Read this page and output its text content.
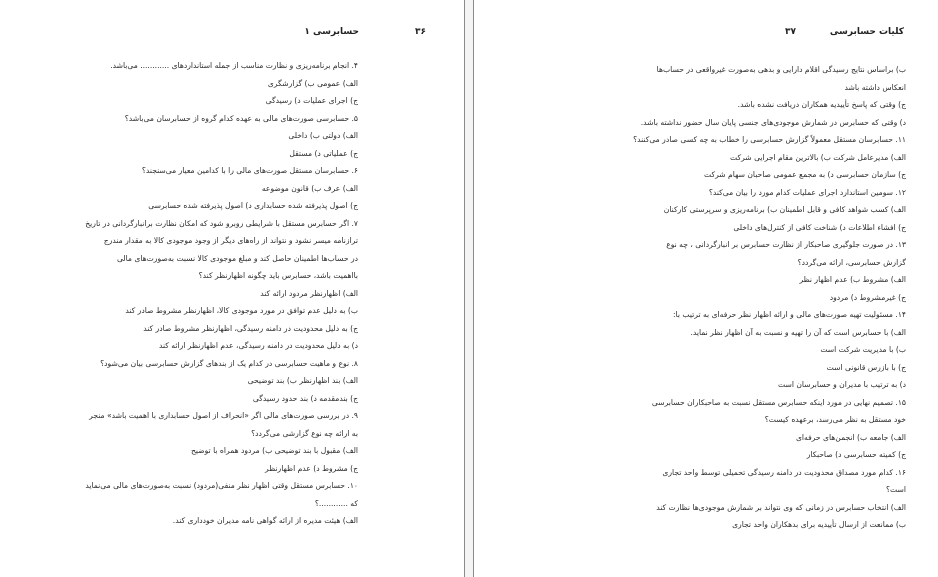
حسابرسی ۱	۳۶
۴. انجام برنامه‌ریزی و نظارت مناسب از جمله استانداردهای ............ می‌باشد.
الف) عمومی ب) گزارشگری
ج) اجرای عملیات د) رسیدگی
۵. حسابرسی صورت‌های مالی به عهده کدام گروه از حسابرسان می‌باشد؟
الف) دولتی ب) داخلی
ج) عملیاتی د) مستقل
۶. حسابرسان مستقل صورت‌های مالی را با کدامین معیار می‌سنجند؟
الف) عرف ب) قانون موضوعه
ج) اصول پذیرفته شده حسابداری د) اصول پذیرفته شده حسابرسی
۷. اگر حسابرس مستقل با شرایطی روبرو شود که امکان نظارت برانبارگردانی در تاریخ
ترازنامه میسر نشود و نتواند از راه‌های دیگر از وجود موجودی کالا به مقدار مندرج
در حساب‌ها اطمینان حاصل کند و مبلغ موجودی کالا نسبت به‌صورت‌های مالی
بااهمیت باشد، حسابرس باید چگونه اظهارنظر کند؟
الف) اظهارنظر مردود ارائه کند
ب) به دلیل عدم توافق در مورد موجودی کالا، اظهارنظر مشروط صادر کند
ج) به دلیل محدودیت در دامنه رسیدگی، اظهارنظر مشروط صادر کند
د) به دلیل محدودیت در دامنه رسیدگی، عدم اظهارنظر ارائه کند
۸. نوع و ماهیت حسابرسی در کدام یک از بندهای گزارش حسابرسی بیان می‌شود؟
الف) بند اظهارنظر ب) بند توضیحی
ج) بندمقدمه د) بند حدود رسیدگی
۹. در بررسی صورت‌های مالی اگر «انحراف از اصول حسابداری با اهمیت باشد» منجر
به ارائه چه نوع گزارشی می‌گردد؟
الف) مقبول با بند توضیحی ب) مردود همراه با توضیح
ج) مشروط د) عدم اظهارنظر
۱۰. حسابرس مستقل وقتی اظهار نظر منفی(مردود) نسبت به‌صورت‌های مالی می‌نماید
که ............؟
الف) هیئت مدیره از ارائه گواهی نامه مدیران خودداری کند.
کلیات حسابرسی
۳۷
ب) براساس نتایج رسیدگی اقلام دارایی و بدهی به‌صورت غیرواقعی در حساب‌ها
انعکاس داشته باشد
ج) وقتی که پاسخ تأییدیه همکاران دریافت نشده باشد.
د) وقتی که حسابرس در شمارش موجودی‌های جنسی پایان سال حضور نداشته باشد.
۱۱. حسابرسان مستقل معمولاً گزارش حسابرسی را خطاب به چه کسی صادر می‌کنند؟
الف) مدیرعامل شرکت ب) بالاترین مقام اجرایی شرکت
ج) سازمان حسابرسی د) به مجمع عمومی صاحبان سهام شرکت
۱۲. سومین استاندارد اجرای عملیات کدام مورد را بیان می‌کند؟
الف) کسب شواهد کافی و قابل اطمینان ب) برنامه‌ریزی و سرپرستی کارکنان
ج) افشاء اطلاعات د) شناخت کافی از کنترل‌های داخلی
۱۳. در صورت جلوگیری صاحبکار از نظارت حسابرس بر انبارگردانی ، چه نوع
گزارش حسابرسی، ارائه می‌گردد؟
الف) مشروط ب) عدم اظهار نظر
ج) غیرمشروط د) مردود
۱۴. مسئولیت تهیه صورت‌های مالی و ارائه اظهار نظر حرفه‌ای به ترتیب با:
الف) با حسابرس است که آن را تهیه و نسبت به آن اظهار نظر نماید.
ب) با مدیریت شرکت است
ج) با بازرس قانونی است
د) به ترتیب با مدیران و حسابرسان است
۱۵. تصمیم نهایی در مورد اینکه حسابرس مستقل نسبت به صاحبکاران حسابرسی
خود مستقل به نظر می‌رسد، برعهده کیست؟
الف) جامعه ب) انجمن‌های حرفه‌ای
ج) کمیته حسابرسی د) صاحبکار
۱۶. کدام مورد مصداق محدودیت در دامنه رسیدگی تحمیلی توسط واحد تجاری
است؟
الف) انتخاب حسابرس در زمانی که وی نتواند بر شمارش موجودی‌ها نظارت کند
ب) ممانعت از ارسال تأییدیه برای بدهکاران واحد تجاری
